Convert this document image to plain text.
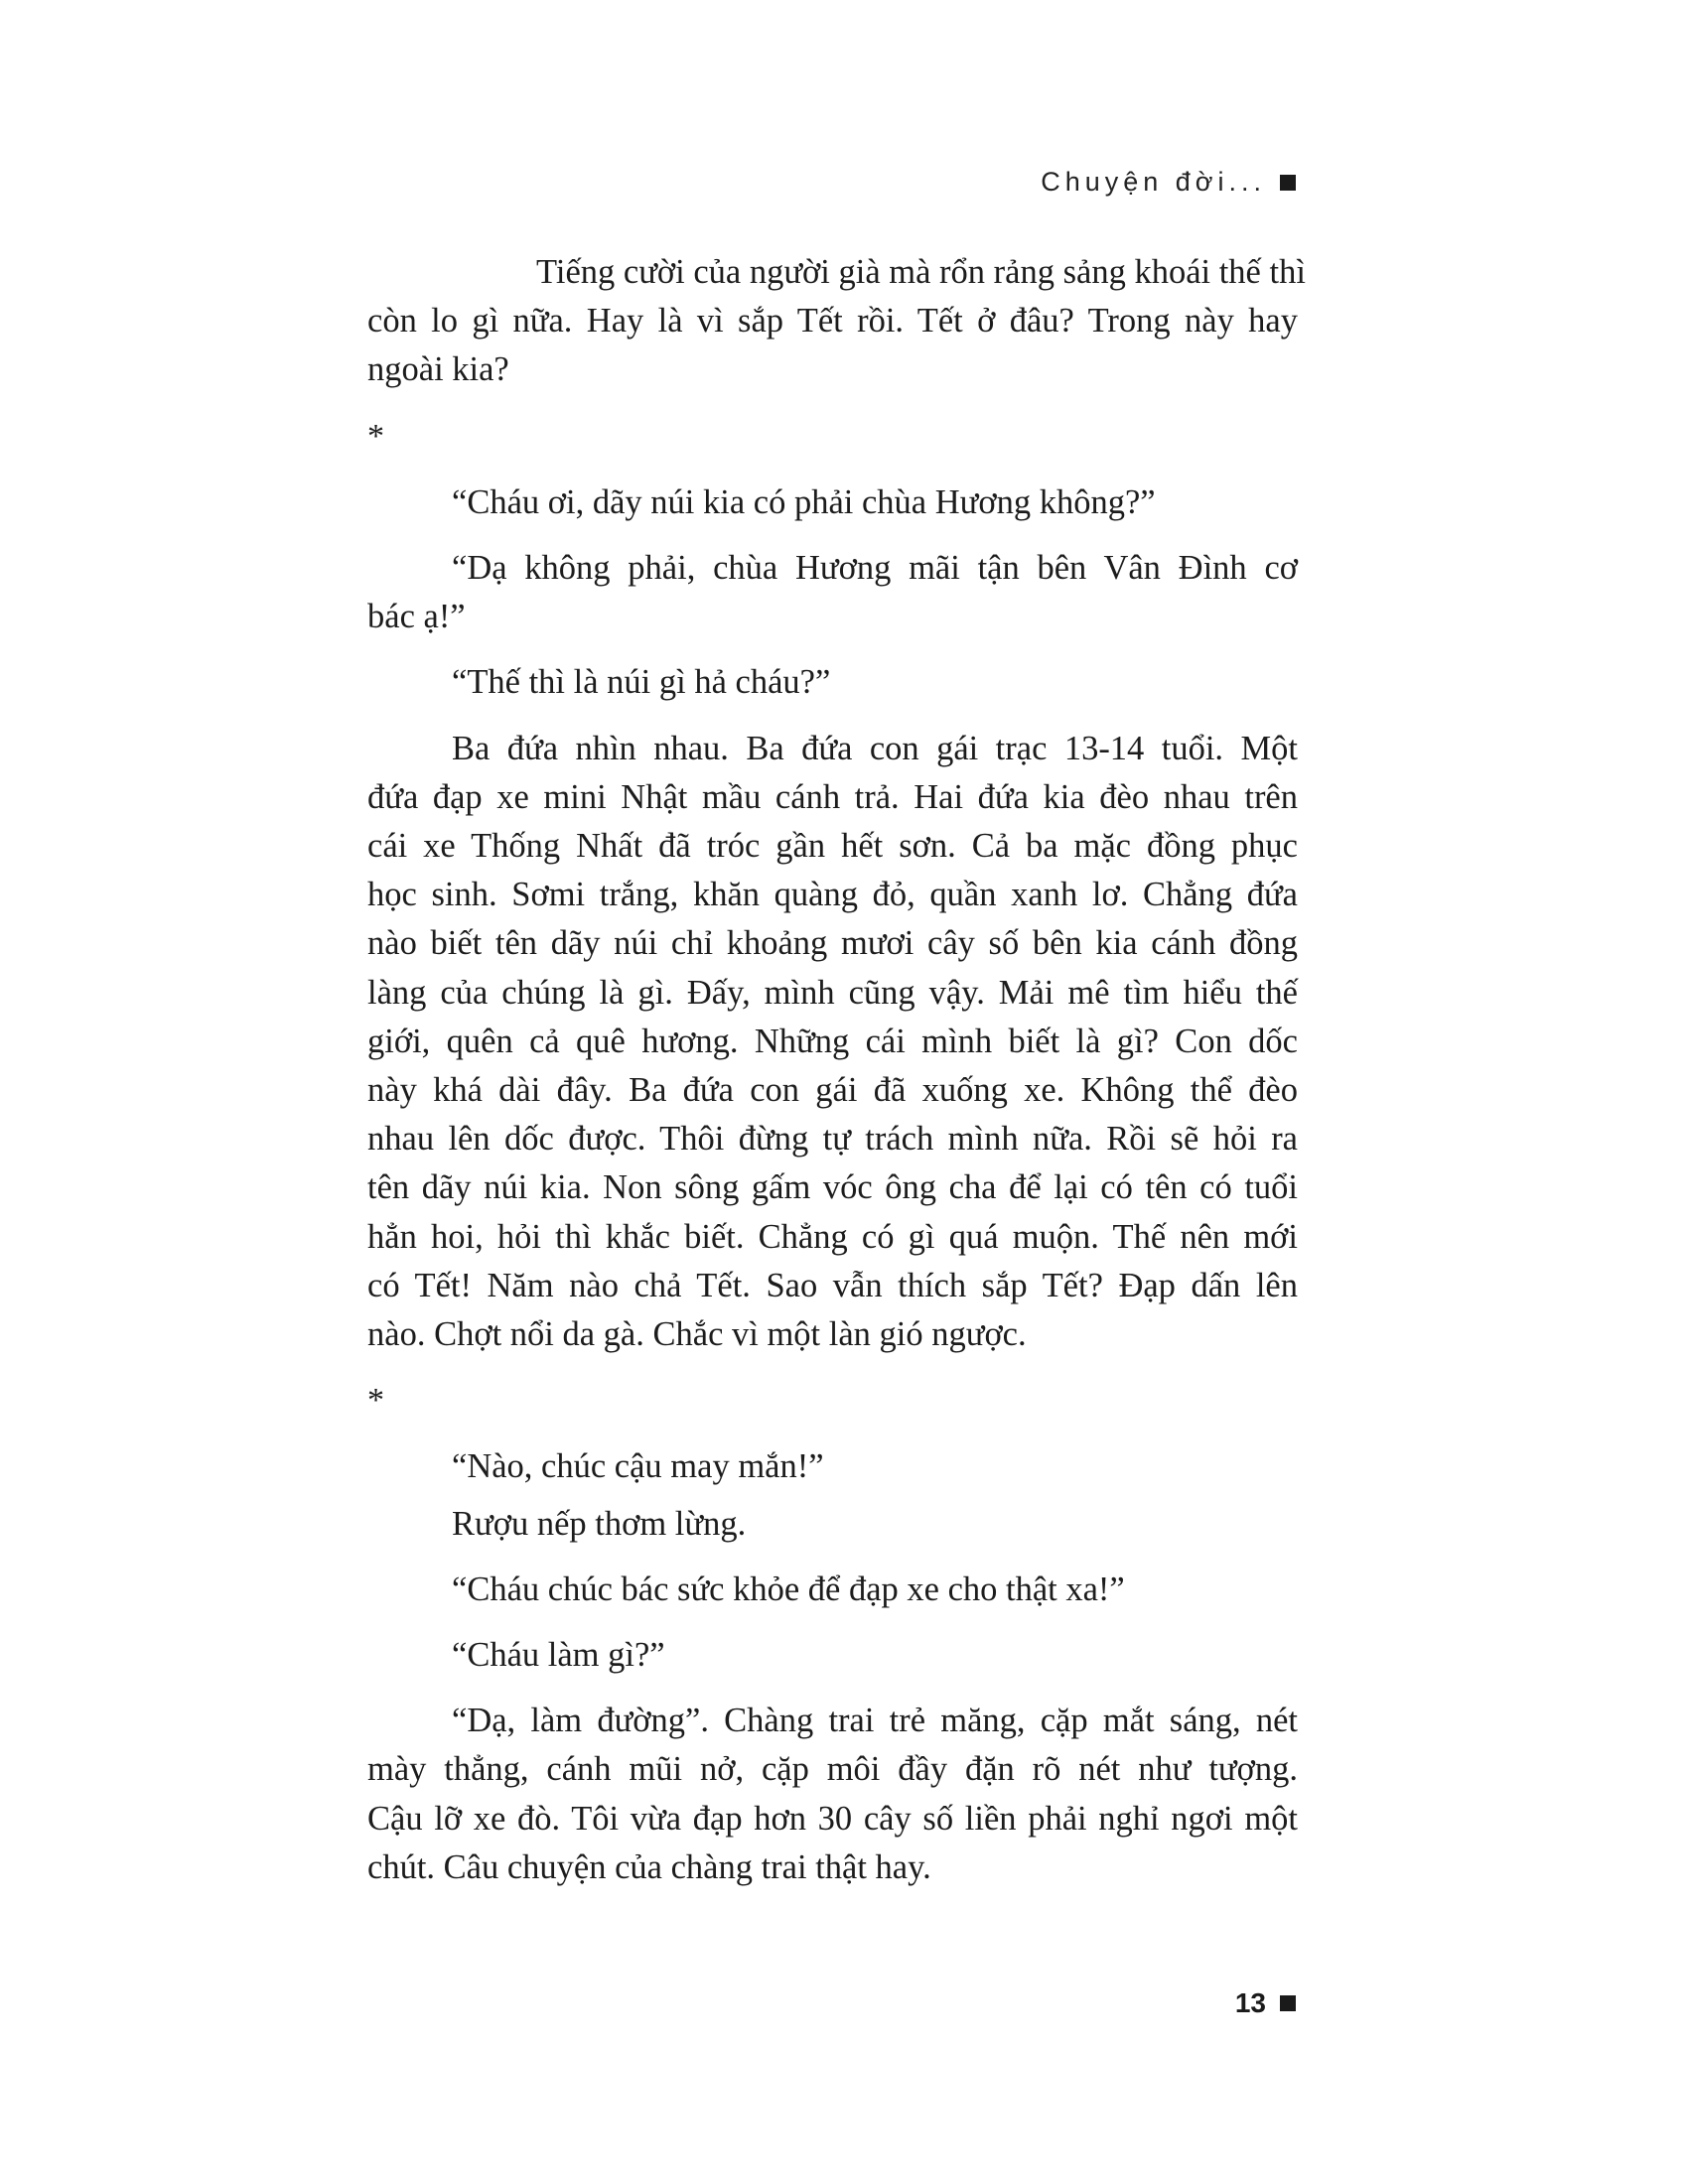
Chuyện đời...
Tiếng cười của người già mà rổn rảng sảng khoái thế thì
còn lo gì nữa. Hay là vì sắp Tết rồi. Tết ở đâu? Trong này hay
ngoài kia?

*

“Cháu ơi, dãy núi kia có phải chùa Hương không?”

“Dạ không phải, chùa Hương mãi tận bên Vân Đình cơ
bác ạ!”

“Thế thì là núi gì hả cháu?”

Ba đứa nhìn nhau. Ba đứa con gái trạc 13-14 tuổi. Một
đứa đạp xe mini Nhật mầu cánh trả. Hai đứa kia đèo nhau trên
cái xe Thống Nhất đã tróc gần hết sơn. Cả ba mặc đồng phục
học sinh. Sơmi trắng, khăn quàng đỏ, quần xanh lơ. Chẳng đứa
nào biết tên dãy núi chỉ khoảng mươi cây số bên kia cánh đồng
làng của chúng là gì. Đấy, mình cũng vậy. Mải mê tìm hiểu thế
giới, quên cả quê hương. Những cái mình biết là gì? Con dốc
này khá dài đây. Ba đứa con gái đã xuống xe. Không thể đèo
nhau lên dốc được. Thôi đừng tự trách mình nữa. Rồi sẽ hỏi ra
tên dãy núi kia. Non sông gấm vóc ông cha để lại có tên có tuổi
hẳn hoi, hỏi thì khắc biết. Chẳng có gì quá muộn. Thế nên mới
có Tết! Năm nào chả Tết. Sao vẫn thích sắp Tết? Đạp dấn lên
nào. Chợt nổi da gà. Chắc vì một làn gió ngược.

*

“Nào, chúc cậu may mắn!”

Rượu nếp thơm lừng.

“Cháu chúc bác sức khỏe để đạp xe cho thật xa!”

“Cháu làm gì?”

“Dạ, làm đường”. Chàng trai trẻ măng, cặp mắt sáng, nét
mày thẳng, cánh mũi nở, cặp môi đầy đặn rõ nét như tượng.
Cậu lỡ xe đò. Tôi vừa đạp hơn 30 cây số liền phải nghỉ ngơi một
chút. Câu chuyện của chàng trai thật hay.
13
